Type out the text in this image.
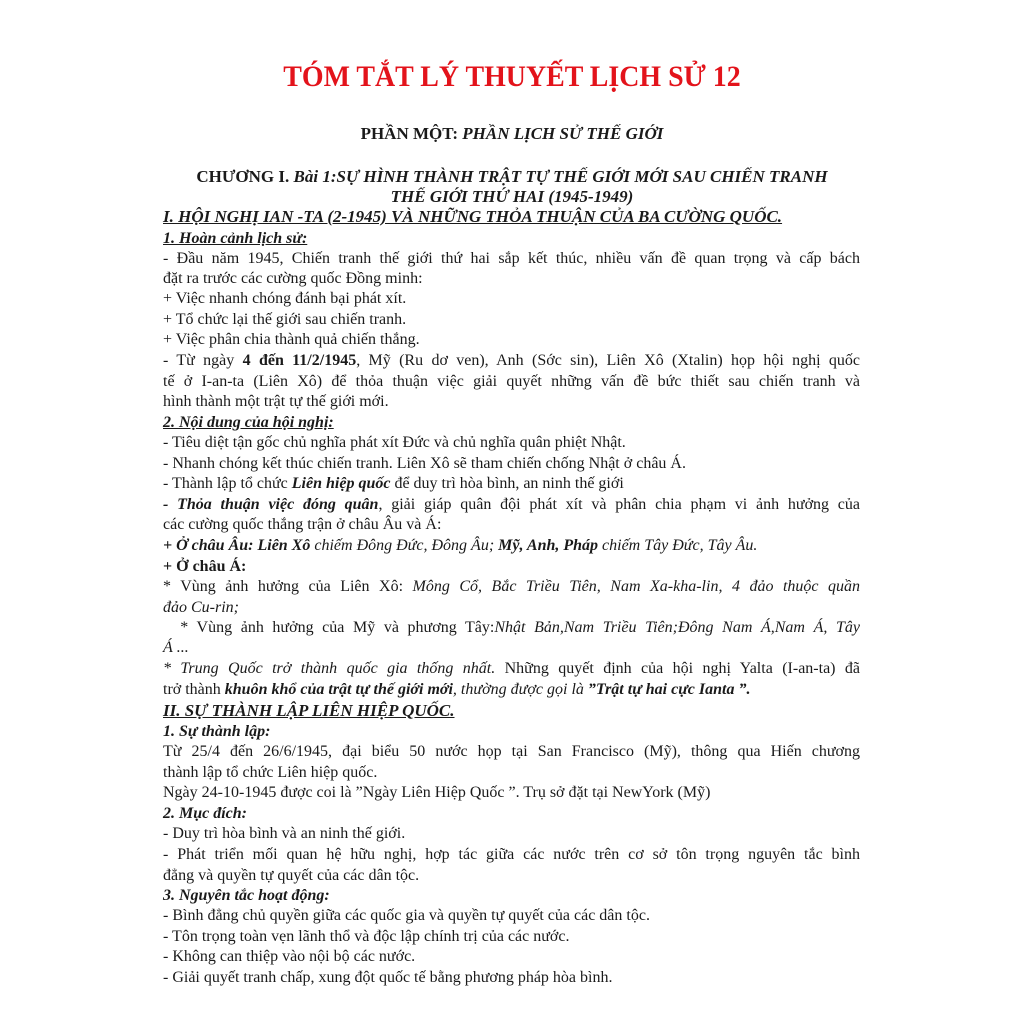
TÓM TẮT LÝ THUYẾT LỊCH SỬ 12
PHẦN MỘT: PHẦN LỊCH SỬ THẾ GIỚI
CHƯƠNG I. Bài 1:SỰ HÌNH THÀNH TRẬT TỰ THẾ GIỚI MỚI SAU CHIẾN TRANH
THẾ GIỚI THỨ HAI (1945-1949)
I. HỘI NGHỊ IAN -TA (2-1945) VÀ NHỮNG THỎA THUẬN CỦA BA CƯỜNG QUỐC.
1. Hoàn cảnh lịch sử:
- Đầu năm 1945, Chiến tranh thế giới thứ hai sắp kết thúc, nhiều vấn đề quan trọng và cấp bách
đặt ra trước các cường quốc Đồng minh:
+ Việc nhanh chóng đánh bại phát xít.
+ Tổ chức lại thế giới sau chiến tranh.
+ Việc phân chia thành quả chiến thắng.
- Từ ngày 4 đến 11/2/1945, Mỹ (Ru dơ ven), Anh (Sớc sin), Liên Xô (Xtalin) họp hội nghị quốc
tế ở I-an-ta (Liên Xô) để thỏa thuận việc giải quyết những vấn đề bức thiết sau chiến tranh và
hình thành một trật tự thế giới mới.
2. Nội dung của hội nghị:
- Tiêu diệt tận gốc chủ nghĩa phát xít Đức và chủ nghĩa quân phiệt Nhật.
- Nhanh chóng kết thúc chiến tranh. Liên Xô sẽ tham chiến chống Nhật ở châu Á.
- Thành lập tổ chức Liên hiệp quốc để duy trì hòa bình, an ninh thế giới
- Thỏa thuận việc đóng quân, giải giáp quân đội phát xít và phân chia phạm vi ảnh hưởng của
các cường quốc thắng trận ở châu Âu và Á:
+ Ở châu Âu: Liên Xô chiếm Đông Đức, Đông Âu; Mỹ, Anh, Pháp chiếm Tây Đức, Tây Âu.
+ Ở châu Á:
* Vùng ảnh hưởng của Liên Xô: Mông Cổ, Bắc Triều Tiên, Nam Xa-kha-lin, 4 đảo thuộc quần
đảo Cu-rin;
* Vùng ảnh hưởng của Mỹ và phương Tây:Nhật Bản,Nam Triều Tiên;Đông Nam Á,Nam Á, Tây
Á ...
* Trung Quốc trở thành quốc gia thống nhất. Những quyết định của hội nghị Yalta (I-an-ta) đã
trở thành khuôn khổ của trật tự thế giới mới, thường được gọi là ”Trật tự hai cực Ianta ”.
II. SỰ THÀNH LẬP LIÊN HIỆP QUỐC.
1. Sự thành lập:
Từ 25/4 đến 26/6/1945, đại biểu 50 nước họp tại San Francisco (Mỹ), thông qua Hiến chương
thành lập tổ chức Liên hiệp quốc.
Ngày 24-10-1945 được coi là ”Ngày Liên Hiệp Quốc ”. Trụ sở đặt tại NewYork (Mỹ)
2. Mục đích:
- Duy trì hòa bình và an ninh thế giới.
- Phát triển mối quan hệ hữu nghị, hợp tác giữa các nước trên cơ sở tôn trọng nguyên tắc bình
đẳng và quyền tự quyết của các dân tộc.
3. Nguyên tắc hoạt động:
- Bình đẳng chủ quyền giữa các quốc gia và quyền tự quyết của các dân tộc.
- Tôn trọng toàn vẹn lãnh thổ và độc lập chính trị của các nước.
- Không can thiệp vào nội bộ các nước.
- Giải quyết tranh chấp, xung đột quốc tế bằng phương pháp hòa bình.
